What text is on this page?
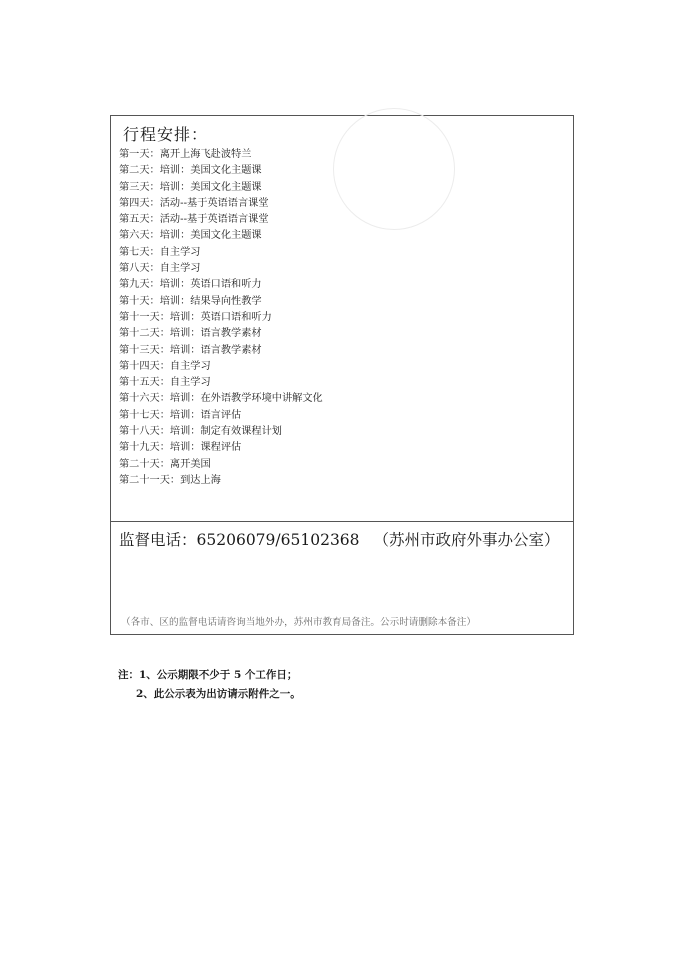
行程安排：
第一天：离开上海飞赴波特兰
第二天：培训：美国文化主题课
第三天：培训：美国文化主题课
第四天：活动--基于英语语言课堂
第五天：活动--基于英语语言课堂
第六天：培训：美国文化主题课
第七天：自主学习
第八天：自主学习
第九天：培训：英语口语和听力
第十天：培训：结果导向性教学
第十一天：培训：英语口语和听力
第十二天：培训：语言教学素材
第十三天：培训：语言教学素材
第十四天：自主学习
第十五天：自主学习
第十六天：培训：在外语教学环境中讲解文化
第十七天：培训：语言评估
第十八天：培训：制定有效课程计划
第十九天：培训：课程评估
第二十天：离开美国
第二十一天：到达上海
监督电话：65206079/65102368 （苏州市政府外事办公室）
（各市、区的监督电话请咨询当地外办，苏州市教育局备注。公示时请删除本备注）
注：1、公示期限不少于 5 个工作日；
2、此公示表为出访请示附件之一。
